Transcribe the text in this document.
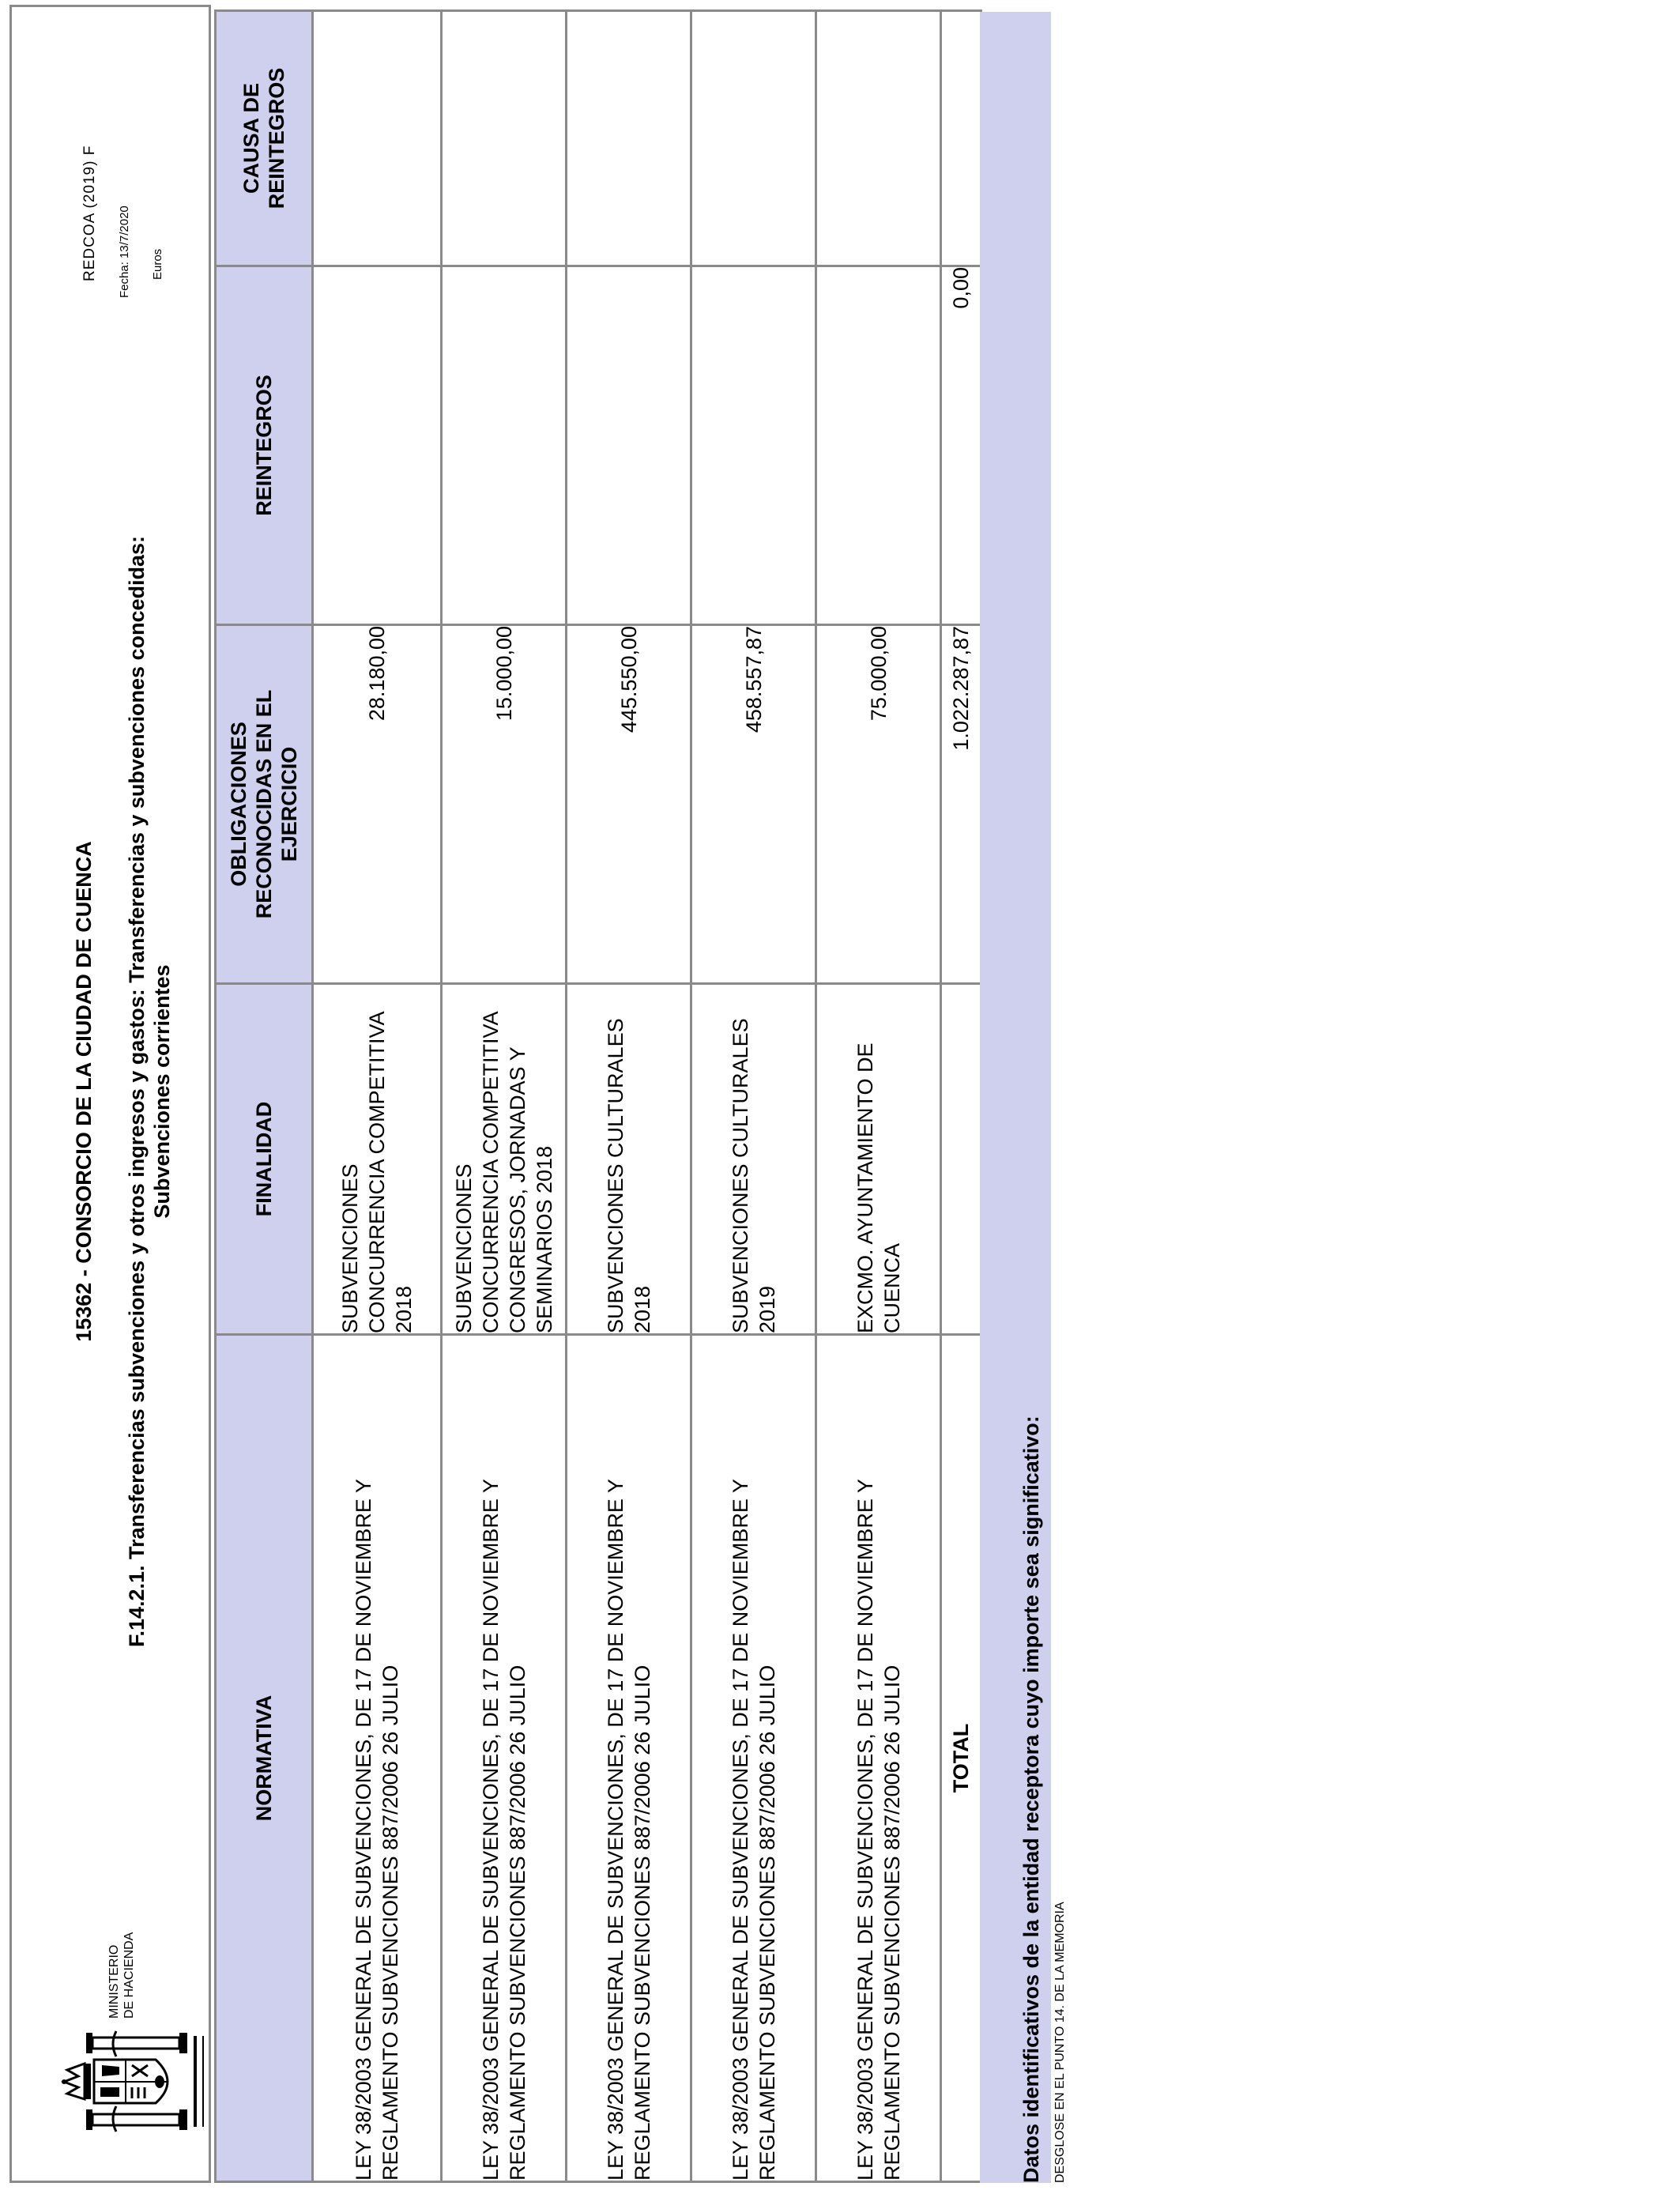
MINISTERIO DE HACIENDA
15362 - CONSORCIO DE LA CIUDAD DE CUENCA F.14.2.1. Transferencias subvenciones y otros ingresos y gastos: Transferencias y subvenciones concedidas: Subvenciones corrientes
REDCOA (2019) F Fecha: 13/7/2020 Euros
NORMATIVA	FINALIDAD	OBLIGACIONES RECONOCIDAS EN EL EJERCICIO	REINTEGROS	CAUSA DE REINTEGROS
LEY 38/2003 GENERAL DE SUBVENCIONES, DE 17 DE NOVIEMBRE Y REGLAMENTO SUBVENCIONES 887/2006 26 JULIO	SUBVENCIONES CONCURRENCIA COMPETITIVA 2018	28.180,00		
LEY 38/2003 GENERAL DE SUBVENCIONES, DE 17 DE NOVIEMBRE Y REGLAMENTO SUBVENCIONES 887/2006 26 JULIO	SUBVENCIONES CONCURRENCIA COMPETITIVA CONGRESOS, JORNADAS Y SEMINARIOS 2018	15.000,00		
LEY 38/2003 GENERAL DE SUBVENCIONES, DE 17 DE NOVIEMBRE Y REGLAMENTO SUBVENCIONES 887/2006 26 JULIO	SUBVENCIONES CULTURALES 2018	445.550,00		
LEY 38/2003 GENERAL DE SUBVENCIONES, DE 17 DE NOVIEMBRE Y REGLAMENTO SUBVENCIONES 887/2006 26 JULIO	SUBVENCIONES CULTURALES 2019	458.557,87		
LEY 38/2003 GENERAL DE SUBVENCIONES, DE 17 DE NOVIEMBRE Y REGLAMENTO SUBVENCIONES 887/2006 26 JULIO	EXCMO. AYUNTAMIENTO DE CUENCA	75.000,00		
TOTAL		1.022.287,87	0,00	
Datos identificativos de la entidad receptora cuyo importe sea significativo: DESGLOSE EN EL PUNTO 14. DE LA MEMORIA
